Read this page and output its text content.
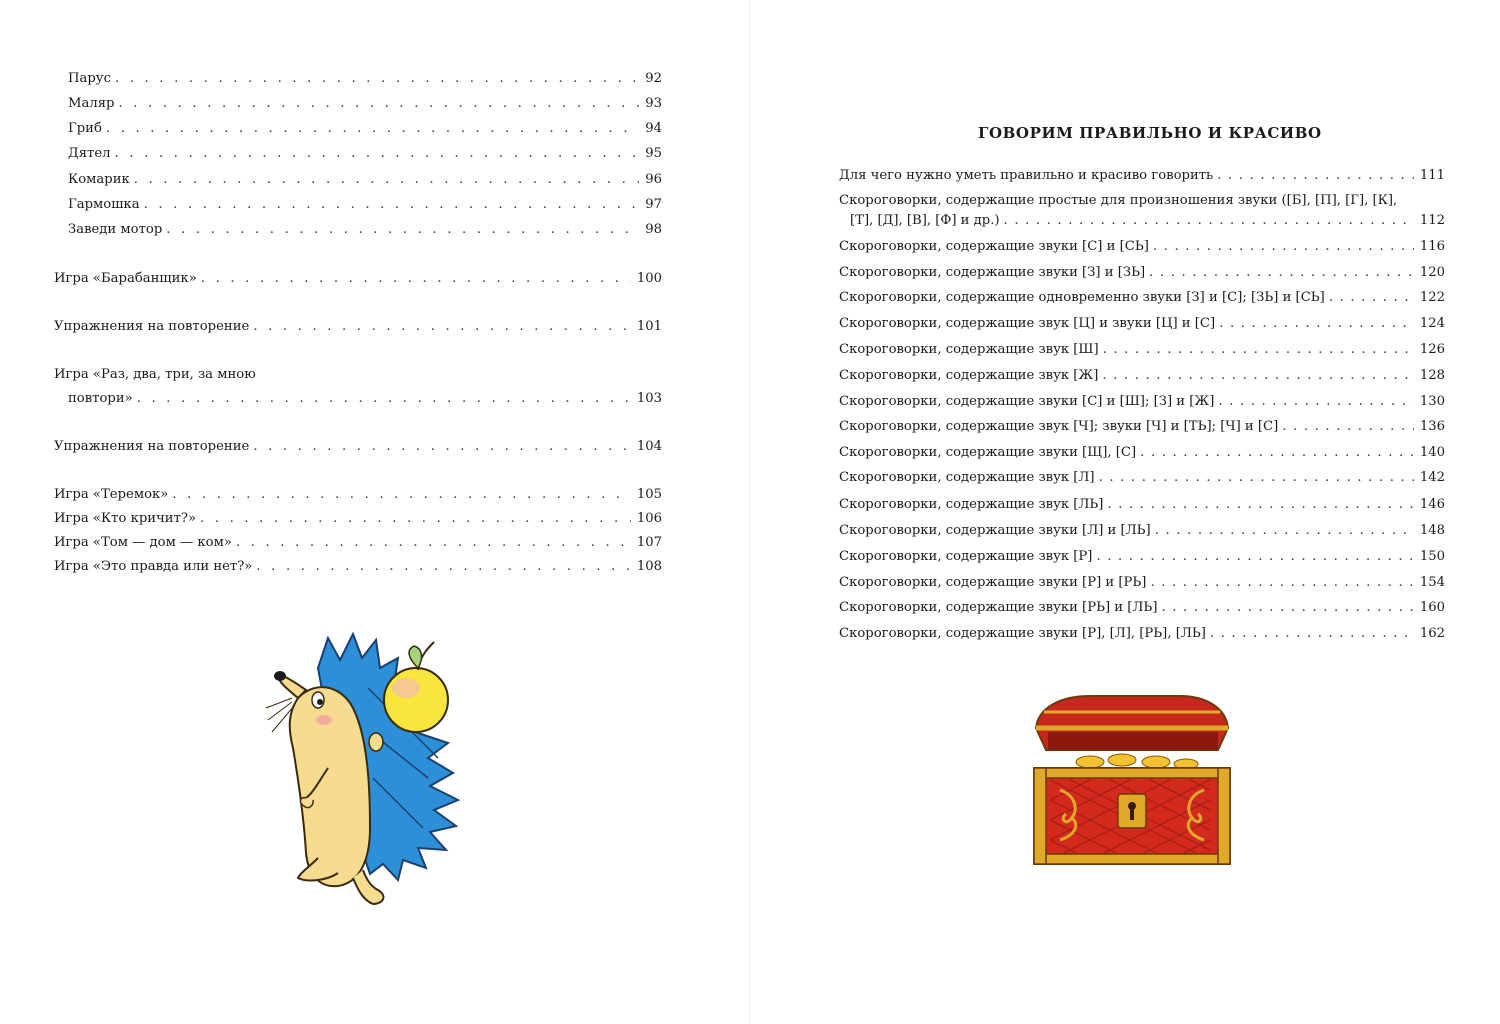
Парус . . .	92
Маляр . . .	93
Гриб . . .	94
Дятел . . .	95
Комарик . . .	96
Гармошка . . .	97
Заведи мотор . . .	98
Игра «Барабанщик» . . .	100
Упражнения на повторение . . .	101
Игра «Раз, два, три, за мною
повтори» . . .	103
Упражнения на повторение . . .	104
Игра «Теремок» . . .	105
Игра «Кто кричит?» . . .	106
Игра «Том — дом — ком» . . .	107
Игра «Это правда или нет?» . . .	108
ГОВОРИМ ПРАВИЛЬНО И КРАСИВО
Для чего нужно уметь правильно и красиво говорить . . .	111
Скороговорки, содержащие простые для произношения звуки ([Б], [П], [Г], [К],
[Т], [Д], [В], [Ф] и др.) . . .	112
Скороговорки, содержащие звуки [С] и [СЬ] . . .	116
Скороговорки, содержащие звуки [З] и [ЗЬ] . . .	120
Скороговорки, содержащие одновременно звуки [З] и [С]; [ЗЬ] и [СЬ] . . .	122
Скороговорки, содержащие звук [Ц] и звуки [Ц] и [С] . . .	124
Скороговорки, содержащие звук [Ш] . . .	126
Скороговорки, содержащие звук [Ж] . . .	128
Скороговорки, содержащие звуки [С] и [Ш]; [З] и [Ж] . . .	130
Скороговорки, содержащие звук [Ч]; звуки [Ч] и [ТЬ]; [Ч] и [С] . . .	136
Скороговорки, содержащие звуки [Щ], [С] . . .	140
Скороговорки, содержащие звук [Л] . . .	142
Скороговорки, содержащие звук [ЛЬ] . . .	146
Скороговорки, содержащие звуки [Л] и [ЛЬ] . . .	148
Скороговорки, содержащие звук [Р] . . .	150
Скороговорки, содержащие звуки [Р] и [РЬ] . . .	154
Скороговорки, содержащие звуки [РЬ] и [ЛЬ] . . .	160
Скороговорки, содержащие звуки [Р], [Л], [РЬ], [ЛЬ] . . .	162
